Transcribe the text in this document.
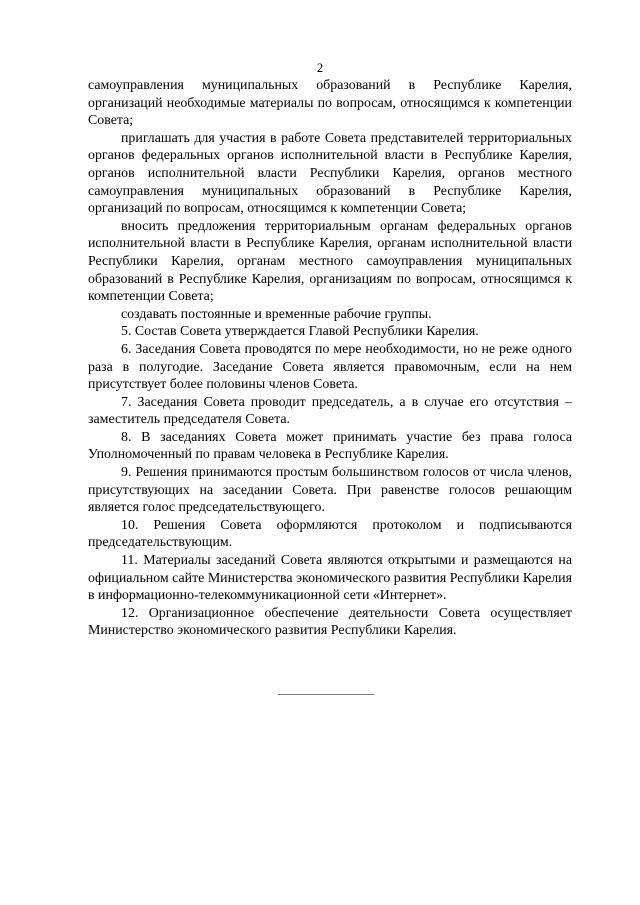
2

самоуправления муниципальных образований в Республике Карелия, организаций необходимые материалы по вопросам, относящимся к компетенции Совета;

приглашать для участия в работе Совета представителей территориальных органов федеральных органов исполнительной власти в Республике Карелия, органов исполнительной власти Республики Карелия, органов местного самоуправления муниципальных образований в Республике Карелия, организаций по вопросам, относящимся к компетенции Совета;

вносить предложения территориальным органам федеральных органов исполнительной власти в Республике Карелия, органам исполнительной власти Республики Карелия, органам местного самоуправления муниципальных образований в Республике Карелия, организациям по вопросам, относящимся к компетенции Совета;

создавать постоянные и временные рабочие группы.

5. Состав Совета утверждается Главой Республики Карелия.

6. Заседания Совета проводятся по мере необходимости, но не реже одного раза в полугодие. Заседание Совета является правомочным, если на нем присутствует более половины членов Совета.

7. Заседания Совета проводит председатель, а в случае его отсутствия – заместитель председателя Совета.

8. В заседаниях Совета может принимать участие без права голоса Уполномоченный по правам человека в Республике Карелия.

9. Решения принимаются простым большинством голосов от числа членов, присутствующих на заседании Совета. При равенстве голосов решающим является голос председательствующего.

10. Решения Совета оформляются протоколом и подписываются председательствующим.

11. Материалы заседаний Совета являются открытыми и размещаются на официальном сайте Министерства экономического развития Республики Карелия в информационно-телекоммуникационной сети «Интернет».

12. Организационное обеспечение деятельности Совета осуществляет Министерство экономического развития Республики Карелия.
